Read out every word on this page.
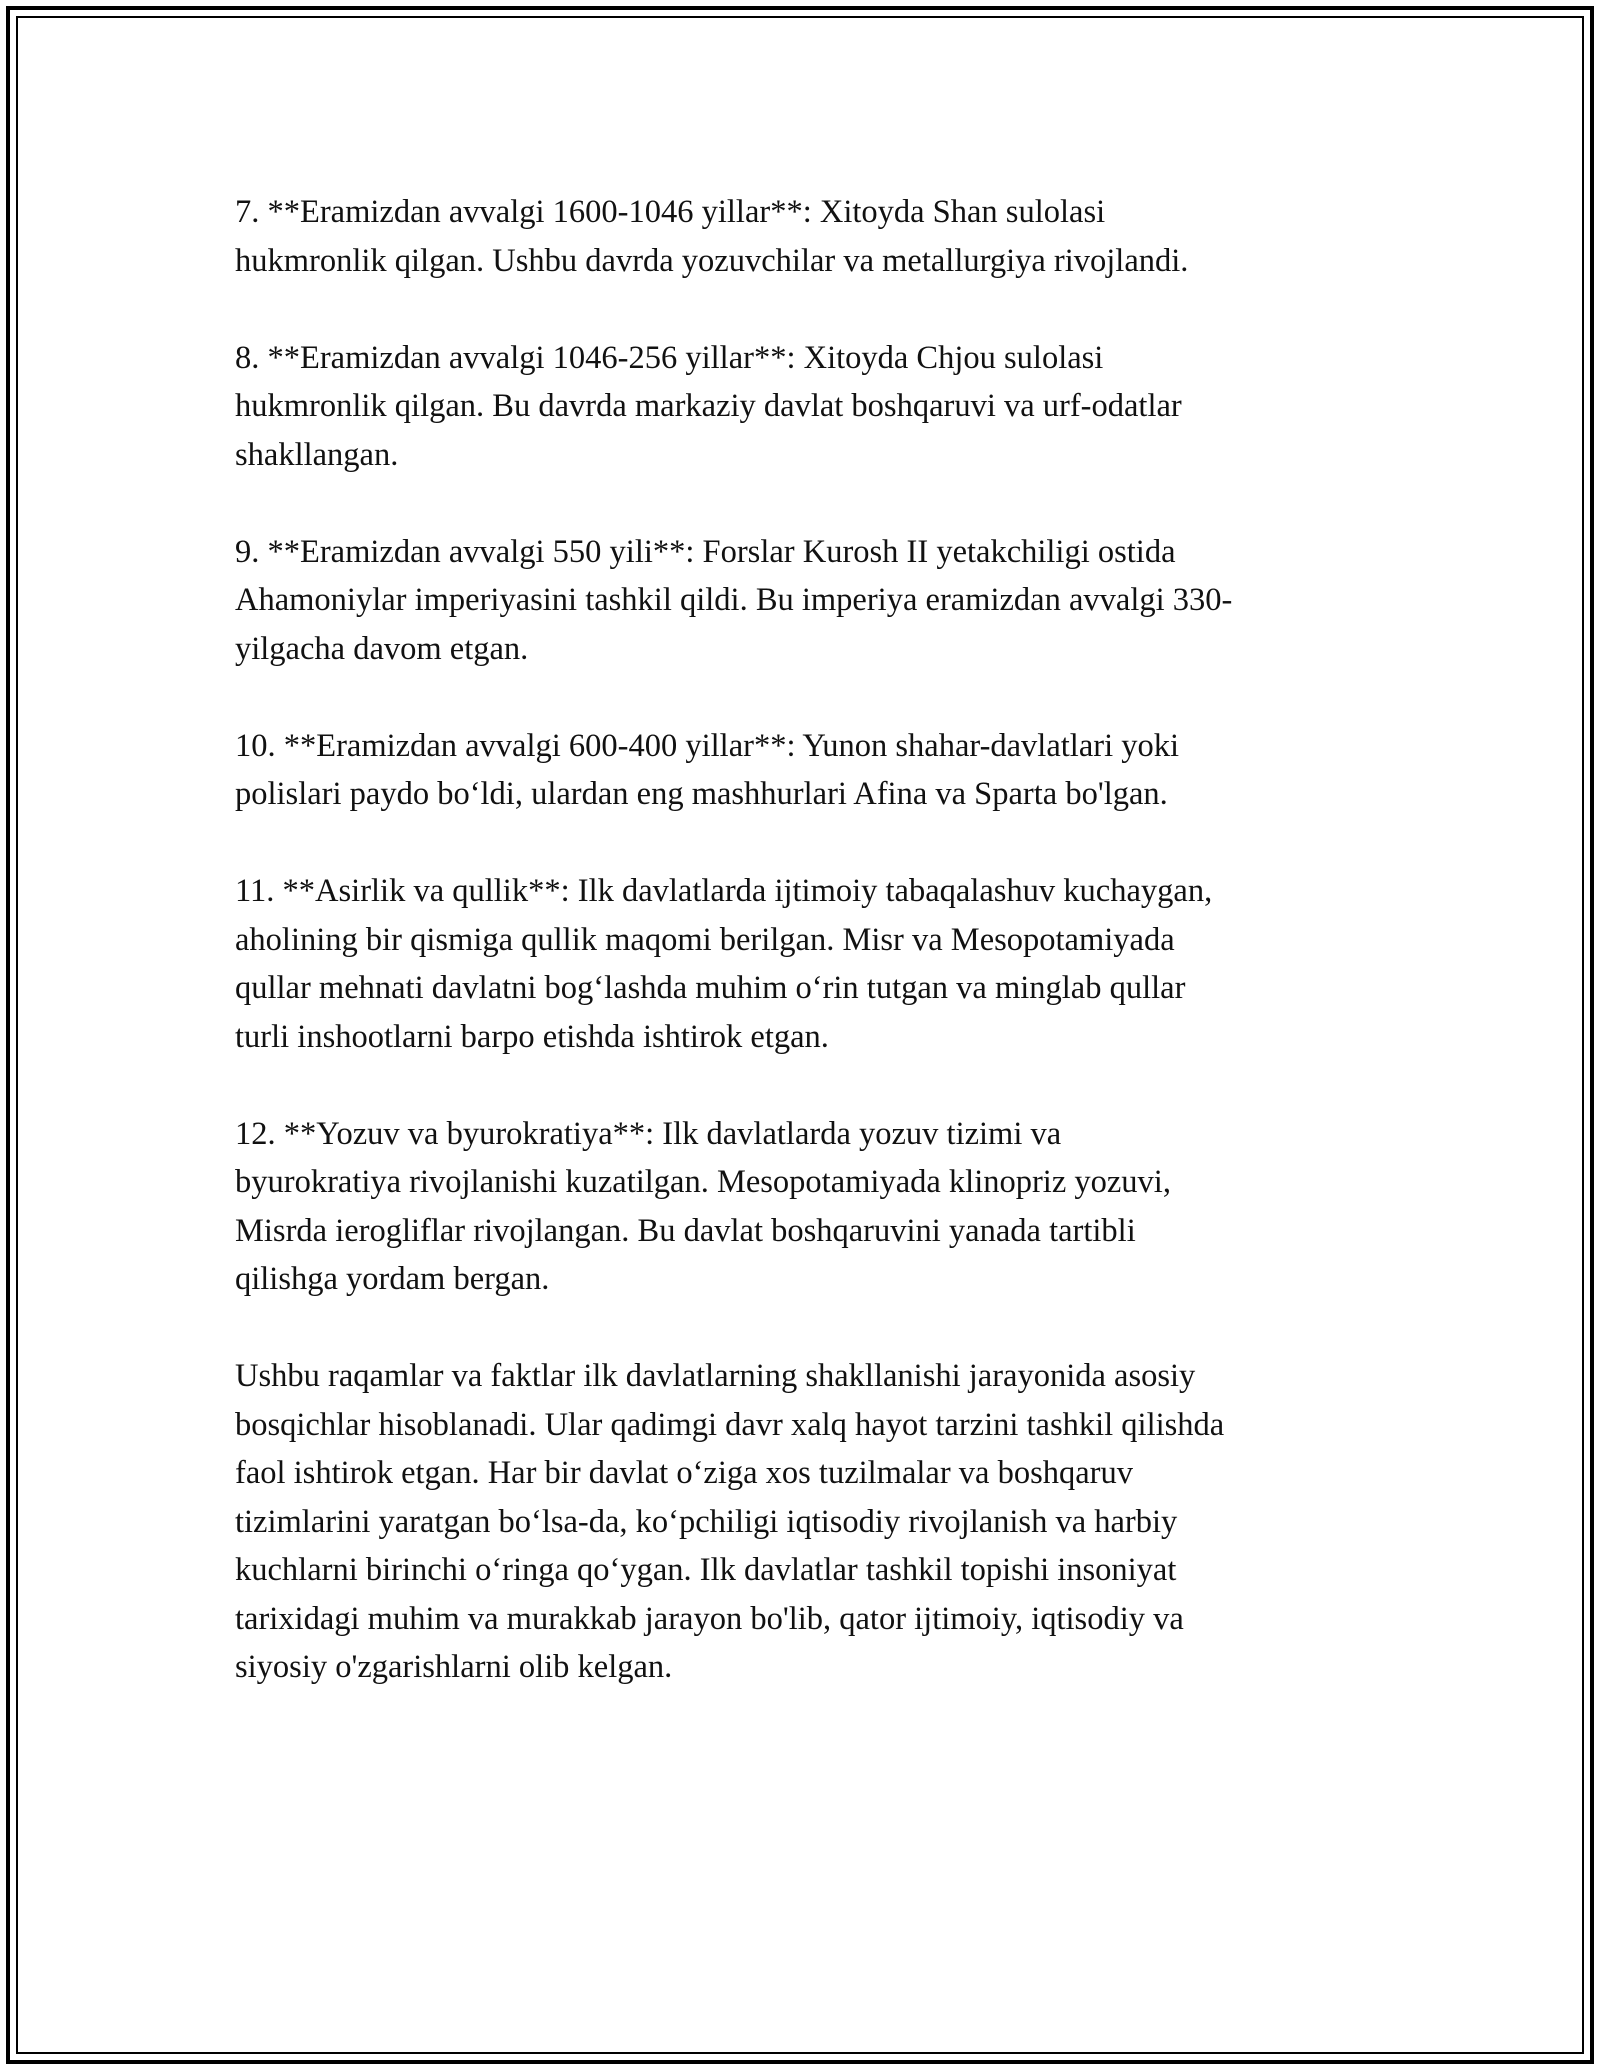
7. **Eramizdan avvalgi 1600-1046 yillar**: Xitoyda Shan sulolasi
hukmronlik qilgan. Ushbu davrda yozuvchilar va metallurgiya rivojlandi.

8. **Eramizdan avvalgi 1046-256 yillar**: Xitoyda Chjou sulolasi
hukmronlik qilgan. Bu davrda markaziy davlat boshqaruvi va urf-odatlar
shakllangan.

9. **Eramizdan avvalgi 550 yili**: Forslar Kurosh II yetakchiligi ostida
Ahamoniylar imperiyasini tashkil qildi. Bu imperiya eramizdan avvalgi 330-
yilgacha davom etgan.

10. **Eramizdan avvalgi 600-400 yillar**: Yunon shahar-davlatlari yoki
polislari paydo bo‘ldi, ulardan eng mashhurlari Afina va Sparta bo'lgan.

11. **Asirlik va qullik**: Ilk davlatlarda ijtimoiy tabaqalashuv kuchaygan,
aholining bir qismiga qullik maqomi berilgan. Misr va Mesopotamiyada
qullar mehnati davlatni bog‘lashda muhim o‘rin tutgan va minglab qullar
turli inshootlarni barpo etishda ishtirok etgan.

12. **Yozuv va byurokratiya**: Ilk davlatlarda yozuv tizimi va
byurokratiya rivojlanishi kuzatilgan. Mesopotamiyada klinopriz yozuvi,
Misrda ierogliflar rivojlangan. Bu davlat boshqaruvini yanada tartibli
qilishga yordam bergan.

Ushbu raqamlar va faktlar ilk davlatlarning shakllanishi jarayonida asosiy
bosqichlar hisoblanadi. Ular qadimgi davr xalq hayot tarzini tashkil qilishda
faol ishtirok etgan. Har bir davlat o‘ziga xos tuzilmalar va boshqaruv
tizimlarini yaratgan bo‘lsa-da, ko‘pchiligi iqtisodiy rivojlanish va harbiy
kuchlarni birinchi o‘ringa qo‘ygan. Ilk davlatlar tashkil topishi insoniyat
tarixidagi muhim va murakkab jarayon bo'lib, qator ijtimoiy, iqtisodiy va
siyosiy o'zgarishlarni olib kelgan.
